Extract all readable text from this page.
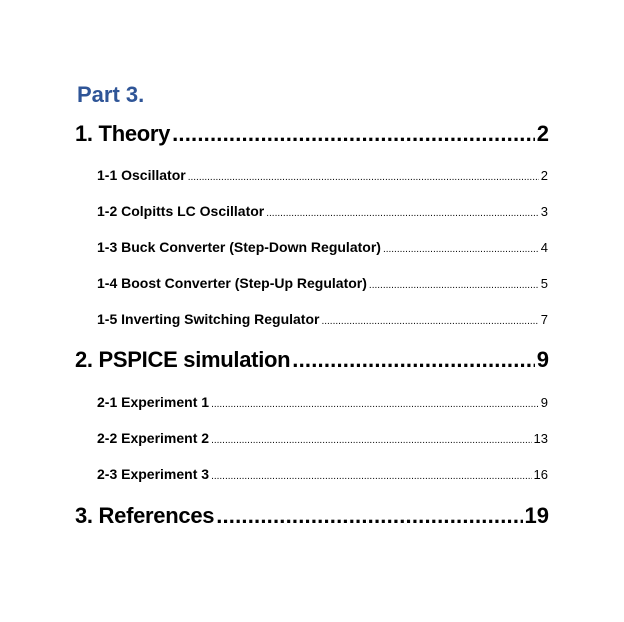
Part 3.
1. Theory .....	2
1-1 Oscillator .....	2
1-2 Colpitts LC Oscillator .....	3
1-3 Buck Converter (Step-Down Regulator) .....	4
1-4 Boost Converter (Step-Up Regulator) .....	5
1-5 Inverting Switching Regulator .....	7
2. PSPICE simulation .....	9
2-1 Experiment 1 .....	9
2-2 Experiment 2 .....	13
2-3 Experiment 3 .....	16
3. References .....	19
